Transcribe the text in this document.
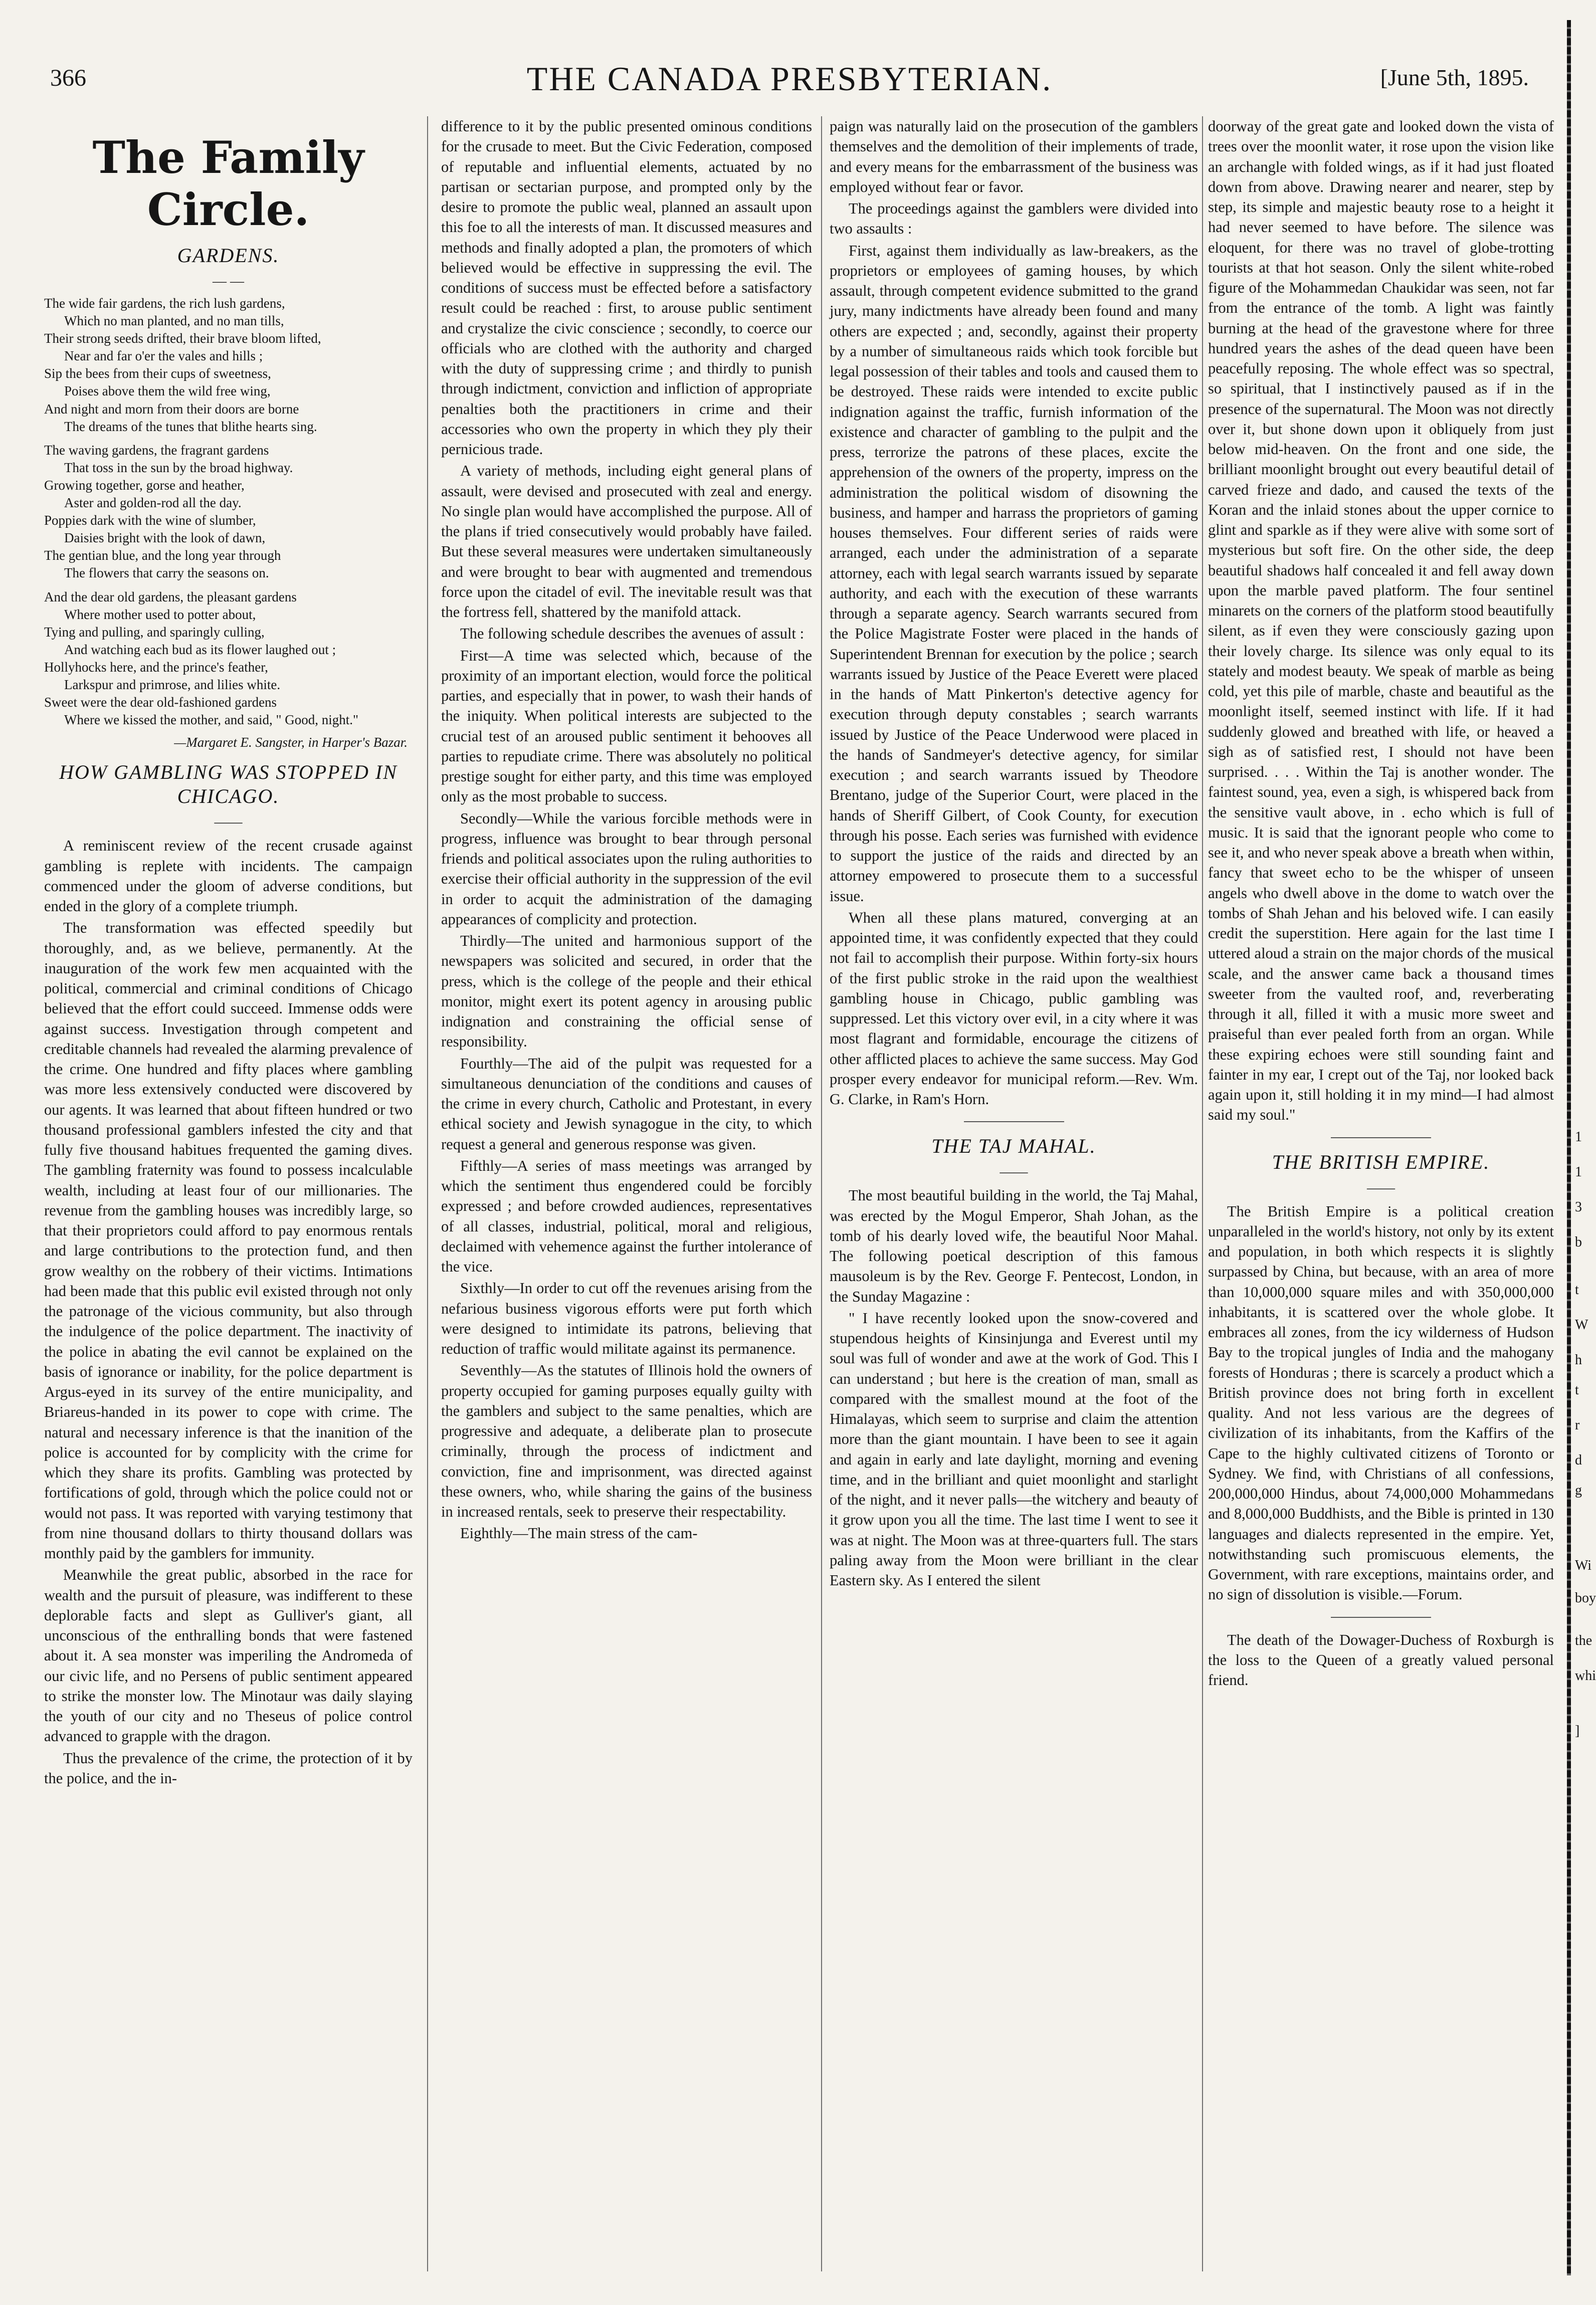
366	THE CANADA PRESBYTERIAN.	[June 5th, 1895.
The Family Circle.
GARDENS.
— —
The wide fair gardens, the rich lush gardens,
Which no man planted, and no man tills,
Their strong seeds drifted, their brave bloom lifted,
Near and far o'er the vales and hills ;
Sip the bees from their cups of sweetness,
Poises above them the wild free wing,
And night and morn from their doors are borne
The dreams of the tunes that blithe hearts sing.
The waving gardens, the fragrant gardens
That toss in the sun by the broad highway.
Growing together, gorse and heather,
Aster and golden-rod all the day.
Poppies dark with the wine of slumber,
Daisies bright with the look of dawn,
The gentian blue, and the long year through
The flowers that carry the seasons on.
And the dear old gardens, the pleasant gardens
Where mother used to potter about,
Tying and pulling, and sparingly culling,
And watching each bud as its flower laughed out ;
Hollyhocks here, and the prince's feather,
Larkspur and primrose, and lilies white.
Sweet were the dear old-fashioned gardens
Where we kissed the mother, and said, " Good, night."
—Margaret E. Sangster, in Harper's Bazar.
HOW GAMBLING WAS STOPPED IN CHICAGO.
——

A reminiscent review of the recent crusade against gambling is replete with incidents. The campaign commenced under the gloom of adverse conditions, but ended in the glory of a complete triumph.

The transformation was effected speedily but thoroughly, and, as we believe, permanently. At the inauguration of the work few men acquainted with the political, commercial and criminal conditions of Chicago believed that the effort could succeed. Immense odds were against success. Investigation through competent and creditable channels had revealed the alarming prevalence of the crime. One hundred and fifty places where gambling was more less extensively conducted were discovered by our agents. It was learned that about fifteen hundred or two thousand professional gamblers infested the city and that fully five thousand habitues frequented the gaming dives. The gambling fraternity was found to possess incalculable wealth, including at least four of our millionaries. The revenue from the gambling houses was incredibly large, so that their proprietors could afford to pay enormous rentals and large contributions to the protection fund, and then grow wealthy on the robbery of their victims. Intimations had been made that this public evil existed through not only the patronage of the vicious community, but also through the indulgence of the police department. The inactivity of the police in abating the evil cannot be explained on the basis of ignorance or inability, for the police department is Argus-eyed in its survey of the entire municipality, and Briareus-handed in its power to cope with crime. The natural and necessary inference is that the inanition of the police is accounted for by complicity with the crime for which they share its profits. Gambling was protected by fortifications of gold, through which the police could not or would not pass. It was reported with varying testimony that from nine thousand dollars to thirty thousand dollars was monthly paid by the gamblers for immunity.

Meanwhile the great public, absorbed in the race for wealth and the pursuit of pleasure, was indifferent to these deplorable facts and slept as Gulliver's giant, all unconscious of the enthralling bonds that were fastened about it. A sea monster was imperiling the Andromeda of our civic life, and no Persens of public sentiment appeared to strike the monster low. The Minotaur was daily slaying the youth of our city and no Theseus of police control advanced to grapple with the dragon.

Thus the prevalence of the crime, the protection of it by the police, and the in-

difference to it by the public presented ominous conditions for the crusade to meet. But the Civic Federation, composed of reputable and influential elements, actuated by no partisan or sectarian purpose, and prompted only by the desire to promote the public weal, planned an assault upon this foe to all the interests of man. It discussed measures and methods and finally adopted a plan, the promoters of which believed would be effective in suppressing the evil. The conditions of success must be effected before a satisfactory result could be reached : first, to arouse public sentiment and crystalize the civic conscience ; secondly, to coerce our officials who are clothed with the authority and charged with the duty of suppressing crime ; and thirdly to punish through indictment, conviction and infliction of appropriate penalties both the practitioners in crime and their accessories who own the property in which they ply their pernicious trade.

A variety of methods, including eight general plans of assault, were devised and prosecuted with zeal and energy. No single plan would have accomplished the purpose. All of the plans if tried consecutively would probably have failed. But these several measures were undertaken simultaneously and were brought to bear with augmented and tremendous force upon the citadel of evil. The inevitable result was that the fortress fell, shattered by the manifold attack.

The following schedule describes the avenues of assult :

First—A time was selected which, because of the proximity of an important election, would force the political parties, and especially that in power, to wash their hands of the iniquity. When political interests are subjected to the crucial test of an aroused public sentiment it behooves all parties to repudiate crime. There was absolutely no political prestige sought for either party, and this time was employed only as the most probable to success.

Secondly—While the various forcible methods were in progress, influence was brought to bear through personal friends and political associates upon the ruling authorities to exercise their official authority in the suppression of the evil in order to acquit the administration of the damaging appearances of complicity and protection.

Thirdly—The united and harmonious support of the newspapers was solicited and secured, in order that the press, which is the college of the people and their ethical monitor, might exert its potent agency in arousing public indignation and constraining the official sense of responsibility.

Fourthly—The aid of the pulpit was requested for a simultaneous denunciation of the conditions and causes of the crime in every church, Catholic and Protestant, in every ethical society and Jewish synagogue in the city, to which request a general and generous response was given.

Fifthly—A series of mass meetings was arranged by which the sentiment thus engendered could be forcibly expressed ; and before crowded audiences, representatives of all classes, industrial, political, moral and religious, declaimed with vehemence against the further intolerance of the vice.

Sixthly—In order to cut off the revenues arising from the nefarious business vigorous efforts were put forth which were designed to intimidate its patrons, believing that reduction of traffic would militate against its permanence.

Seventhly—As the statutes of Illinois hold the owners of property occupied for gaming purposes equally guilty with the gamblers and subject to the same penalties, which are progressive and adequate, a deliberate plan to prosecute criminally, through the process of indictment and conviction, fine and imprisonment, was directed against these owners, who, while sharing the gains of the business in increased rentals, seek to preserve their respectability.

Eighthly—The main stress of the cam-

paign was naturally laid on the prosecution of the gamblers themselves and the demolition of their implements of trade, and every means for the embarrassment of the business was employed without fear or favor.

The proceedings against the gamblers were divided into two assaults :

First, against them individually as law-breakers, as the proprietors or employees of gaming houses, by which assault, through competent evidence submitted to the grand jury, many indictments have already been found and many others are expected ; and, secondly, against their property by a number of simultaneous raids which took forcible but legal possession of their tables and tools and caused them to be destroyed. These raids were intended to excite public indignation against the traffic, furnish information of the existence and character of gambling to the pulpit and the press, terrorize the patrons of these places, excite the apprehension of the owners of the property, impress on the administration the political wisdom of disowning the business, and hamper and harrass the proprietors of gaming houses themselves. Four different series of raids were arranged, each under the administration of a separate attorney, each with legal search warrants issued by separate authority, and each with the execution of these warrants through a separate agency. Search warrants secured from the Police Magistrate Foster were placed in the hands of Superintendent Brennan for execution by the police ; search warrants issued by Justice of the Peace Everett were placed in the hands of Matt Pinkerton's detective agency for execution through deputy constables ; search warrants issued by Justice of the Peace Underwood were placed in the hands of Sandmeyer's detective agency, for similar execution ; and search warrants issued by Theodore Brentano, judge of the Superior Court, were placed in the hands of Sheriff Gilbert, of Cook County, for execution through his posse. Each series was furnished with evidence to support the justice of the raids and directed by an attorney empowered to prosecute them to a successful issue.

When all these plans matured, converging at an appointed time, it was confidently expected that they could not fail to accomplish their purpose. Within forty-six hours of the first public stroke in the raid upon the wealthiest gambling house in Chicago, public gambling was suppressed. Let this victory over evil, in a city where it was most flagrant and formidable, encourage the citizens of other afflicted places to achieve the same success. May God prosper every endeavor for municipal reform.—Rev. Wm. G. Clarke, in Ram's Horn.

THE TAJ MAHAL.
——

The most beautiful building in the world, the Taj Mahal, was erected by the Mogul Emperor, Shah Johan, as the tomb of his dearly loved wife, the beautiful Noor Mahal. The following poetical description of this famous mausoleum is by the Rev. George F. Pentecost, London, in the Sunday Magazine :

" I have recently looked upon the snow-covered and stupendous heights of Kinsinjunga and Everest until my soul was full of wonder and awe at the work of God. This I can understand ; but here is the creation of man, small as compared with the smallest mound at the foot of the Himalayas, which seem to surprise and claim the attention more than the giant mountain. I have been to see it again and again in early and late daylight, morning and evening time, and in the brilliant and quiet moonlight and starlight of the night, and it never palls—the witchery and beauty of it grow upon you all the time. The last time I went to see it was at night. The Moon was at three-quarters full. The stars paling away from the Moon were brilliant in the clear Eastern sky. As I entered the silent

doorway of the great gate and looked down the vista of trees over the moonlit water, it rose upon the vision like an archangle with folded wings, as if it had just floated down from above. Drawing nearer and nearer, step by step, its simple and majestic beauty rose to a height it had never seemed to have before. The silence was eloquent, for there was no travel of globe-trotting tourists at that hot season. Only the silent white-robed figure of the Mohammedan Chaukidar was seen, not far from the entrance of the tomb. A light was faintly burning at the head of the gravestone where for three hundred years the ashes of the dead queen have been peacefully reposing. The whole effect was so spectral, so spiritual, that I instinctively paused as if in the presence of the supernatural. The Moon was not directly over it, but shone down upon it obliquely from just below mid-heaven. On the front and one side, the brilliant moonlight brought out every beautiful detail of carved frieze and dado, and caused the texts of the Koran and the inlaid stones about the upper cornice to glint and sparkle as if they were alive with some sort of mysterious but soft fire. On the other side, the deep beautiful shadows half concealed it and fell away down upon the marble paved platform. The four sentinel minarets on the corners of the platform stood beautifully silent, as if even they were consciously gazing upon their lovely charge. Its silence was only equal to its stately and modest beauty. We speak of marble as being cold, yet this pile of marble, chaste and beautiful as the moonlight itself, seemed instinct with life. If it had suddenly glowed and breathed with life, or heaved a sigh as of satisfied rest, I should not have been surprised. . . . Within the Taj is another wonder. The faintest sound, yea, even a sigh, is whispered back from the sensitive vault above, in . echo which is full of music. It is said that the ignorant people who come to see it, and who never speak above a breath when within, fancy that sweet echo to be the whisper of unseen angels who dwell above in the dome to watch over the tombs of Shah Jehan and his beloved wife. I can easily credit the superstition. Here again for the last time I uttered aloud a strain on the major chords of the musical scale, and the answer came back a thousand times sweeter from the vaulted roof, and, reverberating through it all, filled it with a music more sweet and praiseful than ever pealed forth from an organ. While these expiring echoes were still sounding faint and fainter in my ear, I crept out of the Taj, nor looked back again upon it, still holding it in my mind—I had almost said my soul."

THE BRITISH EMPIRE.
——

The British Empire is a political creation unparalleled in the world's history, not only by its extent and population, in both which respects it is slightly surpassed by China, but because, with an area of more than 10,000,000 square miles and with 350,000,000 inhabitants, it is scattered over the whole globe. It embraces all zones, from the icy wilderness of Hudson Bay to the tropical jungles of India and the mahogany forests of Honduras ; there is scarcely a product which a British province does not bring forth in excellent quality. And not less various are the degrees of civilization of its inhabitants, from the Kaffirs of the Cape to the highly cultivated citizens of Toronto or Sydney. We find, with Christians of all confessions, 200,000,000 Hindus, about 74,000,000 Mohammedans and 8,000,000 Buddhists, and the Bible is printed in 130 languages and dialects represented in the empire. Yet, notwithstanding such promiscuous elements, the Government, with rare exceptions, maintains order, and no sign of dissolution is visible.—Forum.

The death of the Dowager-Duchess of Roxburgh is the loss to the Queen of a greatly valued personal friend.

1
1
3
b
t
W
h
t
r
d
g
Wi
boy
the
whi
]
